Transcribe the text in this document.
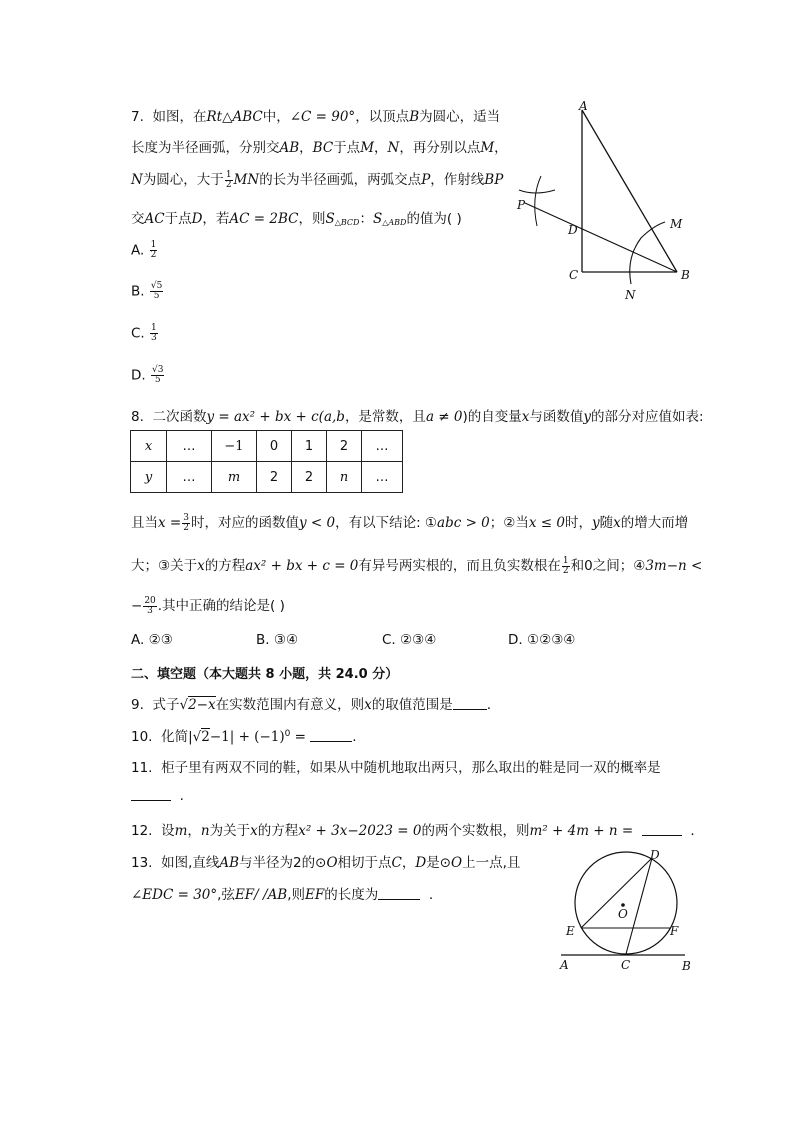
7. 如图，在Rt△ABC中，∠C = 90°，以顶点B为圆心，适当
长度为半径画弧，分别交AB，BC于点M，N，再分别以点M，
N为圆心，大于 $\frac{1}{2}$ MN的长为半径画弧，两弧交点P，作射线BP
交AC于点D，若AC = 2BC，则$S_{\triangle BCD}$：$S_{\triangle ABD}$的值为( )
A. $\frac{1}{2}$
B. $\frac{√5}{5}$
C. $\frac{1}{3}$
D. $\frac{√3}{5}$
A
B
C
D	M
N
P
8. 二次函数y = ax² + bx + c(a,b，是常数，且a ≠ 0)的自变量x与函数值y的部分对应值如表:
x	…	−1	0	1	2	…
y	…	m	2	2	n	…
且当$x = \frac{3}{2}$ 时，对应的函数值y < 0，有以下结论: ①abc > 0；②当x ≤ 0时，y随x的增大而增
大；③关于x的方程ax² + bx + c = 0有异号两实根的，而且负实数根在 $\frac{1}{2}$ 和0之间；④3m−n <
− $\frac{20}{3}$ .其中正确的结论是( )
A. ②③	B. ③④	C. ②③④	D. ①②③④
二、填空题（本大题共 8 小题，共 24.0 分）
9. 式子√2−x在实数范围内有意义，则x的取值范围是	.
10. 化简$|√2-1| + (-1)^0$ =	.
11. 柜子里有两双不同的鞋，如果从中随机地取出两只，那么取出的鞋是同一双的概率是
.
12. 设m，n为关于x的方程x² + 3x−2023 = 0的两个实数根，则m² + 4m + n =	.
13. 如图,直线AB与半径为2的⊙O相切于点C，D是⊙O上一点,且
∠EDC = 30°,弦EF/ /AB,则EF的长度为	.
D
E	F
O
A	C	B
